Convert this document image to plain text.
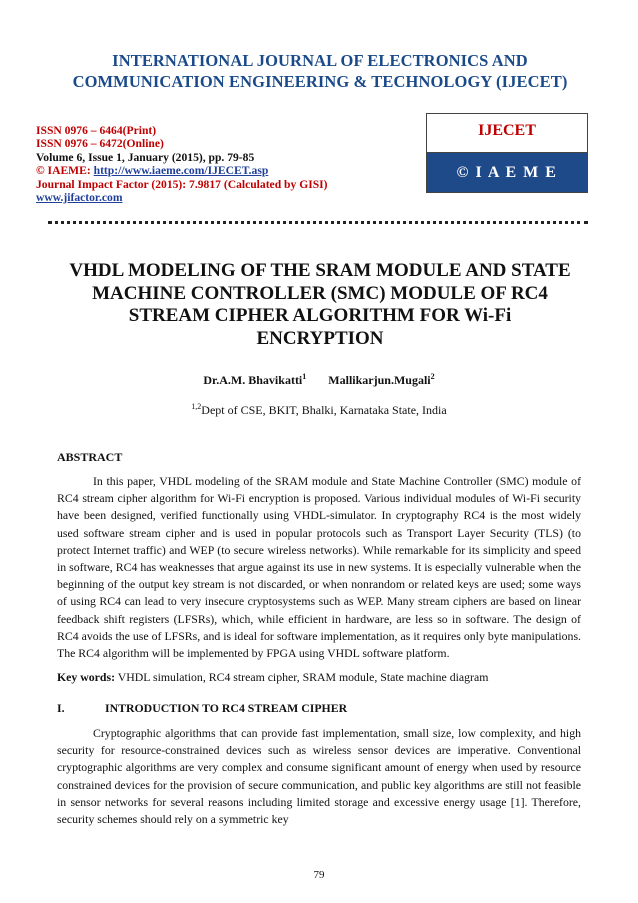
INTERNATIONAL JOURNAL OF ELECTRONICS AND
COMMUNICATION ENGINEERING & TECHNOLOGY (IJECET)
ISSN 0976 – 6464(Print)
ISSN 0976 – 6472(Online)
Volume 6, Issue 1, January (2015), pp. 79-85
© IAEME: http://www.iaeme.com/IJECET.asp
Journal Impact Factor (2015): 7.9817 (Calculated by GISI)
www.jifactor.com
IJECET
© I A E M E
VHDL MODELING OF THE SRAM MODULE AND STATE
MACHINE CONTROLLER (SMC) MODULE OF RC4
STREAM CIPHER ALGORITHM FOR Wi-Fi
ENCRYPTION
Dr.A.M. Bhavikatti$^1$ Mallikarjun.Mugali$^2$
$^{1,2}$Dept of CSE, BKIT, Bhalki, Karnataka State, India
ABSTRACT
In this paper, VHDL modeling of the SRAM module and State Machine Controller (SMC) module of RC4 stream cipher algorithm for Wi-Fi encryption is proposed. Various individual modules of Wi-Fi security have been designed, verified functionally using VHDL-simulator. In cryptography RC4 is the most widely used software stream cipher and is used in popular protocols such as Transport Layer Security (TLS) (to protect Internet traffic) and WEP (to secure wireless networks). While remarkable for its simplicity and speed in software, RC4 has weaknesses that argue against its use in new systems. It is especially vulnerable when the beginning of the output key stream is not discarded, or when nonrandom or related keys are used; some ways of using RC4 can lead to very insecure cryptosystems such as WEP. Many stream ciphers are based on linear feedback shift registers (LFSRs), which, while efficient in hardware, are less so in software. The design of RC4 avoids the use of LFSRs, and is ideal for software implementation, as it requires only byte manipulations. The RC4 algorithm will be implemented by FPGA using VHDL software platform.
Key words: VHDL simulation, RC4 stream cipher, SRAM module, State machine diagram
I.	INTRODUCTION TO RC4 STREAM CIPHER
Cryptographic algorithms that can provide fast implementation, small size, low complexity, and high security for resource-constrained devices such as wireless sensor devices are imperative. Conventional cryptographic algorithms are very complex and consume significant amount of energy when used by resource constrained devices for the provision of secure communication, and public key algorithms are still not feasible in sensor networks for several reasons including limited storage and excessive energy usage [1]. Therefore, security schemes should rely on a symmetric key
79
